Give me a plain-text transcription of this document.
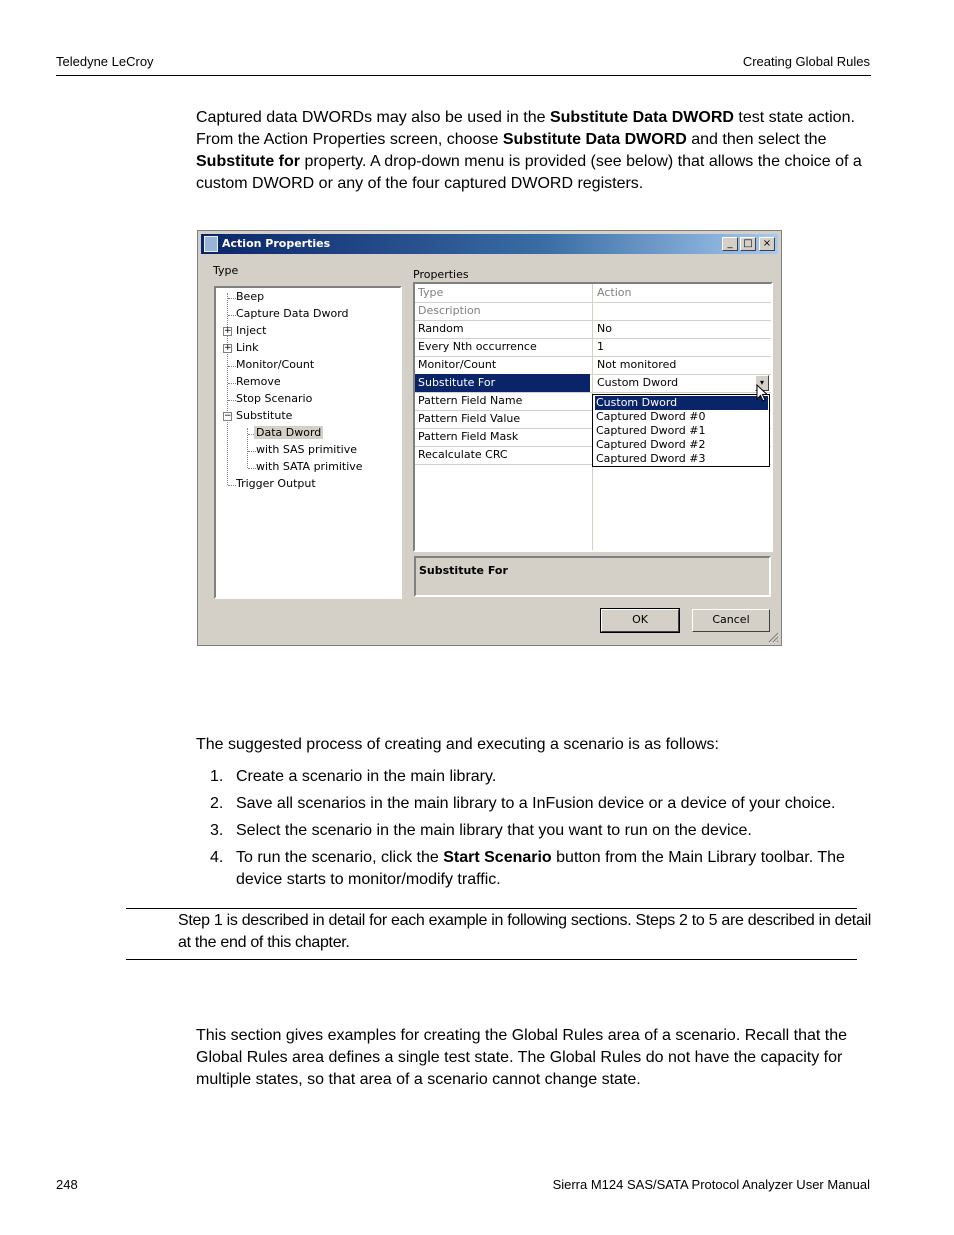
Teledyne LeCroy	Creating Global Rules
Captured data DWORDs may also be used in the Substitute Data DWORD test state action. From the Action Properties screen, choose Substitute Data DWORD and then select the Substitute for property. A drop-down menu is provided (see below) that allows the choice of a custom DWORD or any of the four captured DWORD registers.
Action Properties	_	□	×
Type	Properties
Beep
Capture Data Dword
+ Inject
+ Link
Monitor/Count
Remove
Stop Scenario
− Substitute
Data Dword
with SAS primitive
with SATA primitive
Trigger Output
Type	Action
Description
Random	No
Every Nth occurrence	1
Monitor/Count	Not monitored
Substitute For	Custom Dword	▾
Pattern Field Name
Pattern Field Value
Pattern Field Mask
Recalculate CRC
Custom Dword
Captured Dword #0
Captured Dword #1
Captured Dword #2
Captured Dword #3
Substitute For
OK	Cancel
The suggested process of creating and executing a scenario is as follows:
1. Create a scenario in the main library.
2. Save all scenarios in the main library to a InFusion device or a device of your choice.
3. Select the scenario in the main library that you want to run on the device.
4. To run the scenario, click the Start Scenario button from the Main Library toolbar. The device starts to monitor/modify traffic.
Step 1 is described in detail for each example in following sections. Steps 2 to 5 are described in detail at the end of this chapter.
This section gives examples for creating the Global Rules area of a scenario. Recall that the Global Rules area defines a single test state. The Global Rules do not have the capacity for multiple states, so that area of a scenario cannot change state.
248	Sierra M124 SAS/SATA Protocol Analyzer User Manual
